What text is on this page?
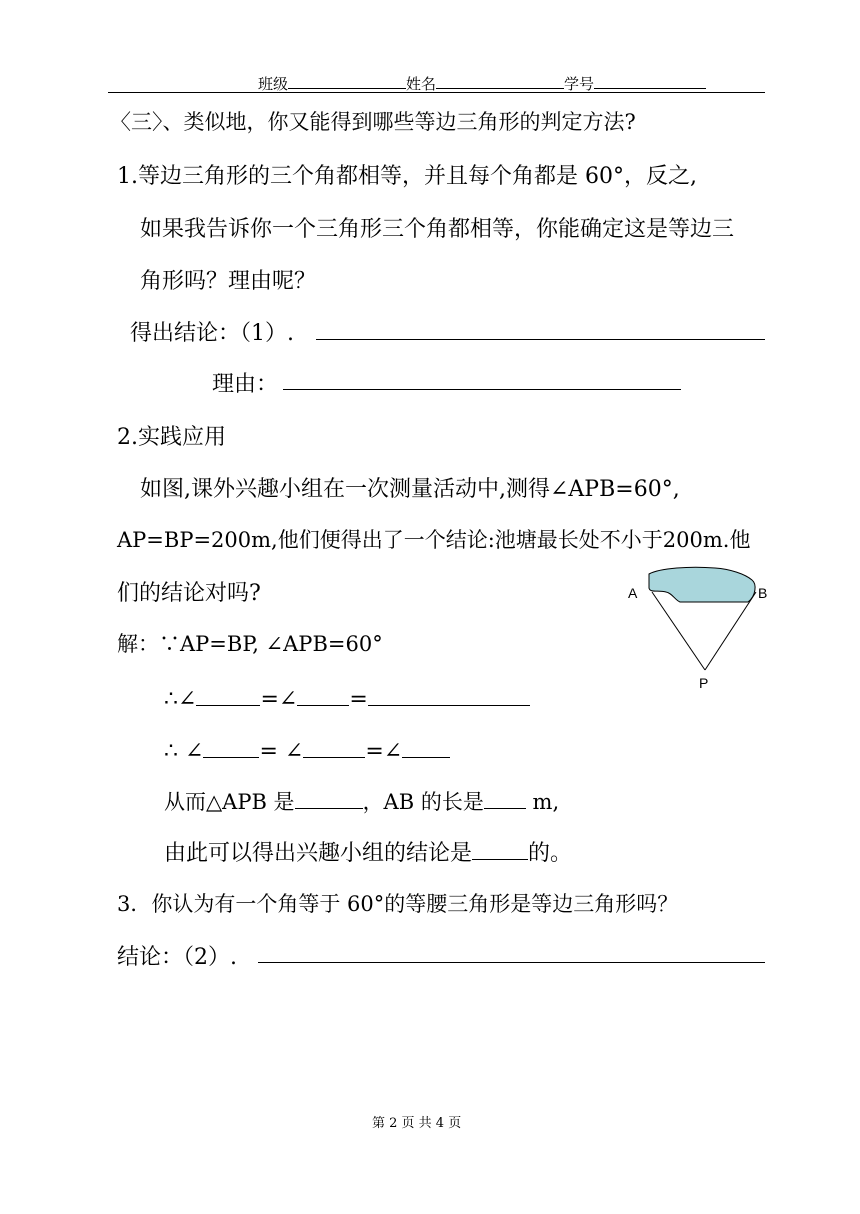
班级	姓名	学号
〈三〉、类似地，你又能得到哪些等边三角形的判定方法?
1.等边三角形的三个角都相等，并且每个角都是 60°，反之,
如果我告诉你一个三角形三个角都相等，你能确定这是等边三
角形吗？理由呢？
得出结论：（1）.
理由：
2.实践应用
如图,课外兴趣小组在一次测量活动中,测得∠APB=60°,
AP=BP=200m,他们便得出了一个结论:池塘最长处不小于200m.他
们的结论对吗?	A	B
P
解：∵AP=BP, ∠APB=60°
∴∠	=∠ =
∴ ∠	= ∠	=∠
从而△APB 是	，AB 的长是 m,
由此可以得出兴趣小组的结论是	的。
3．你认为有一个角等于 60°的等腰三角形是等边三角形吗？
结论：（2）.
第 2 页 共 4 页
